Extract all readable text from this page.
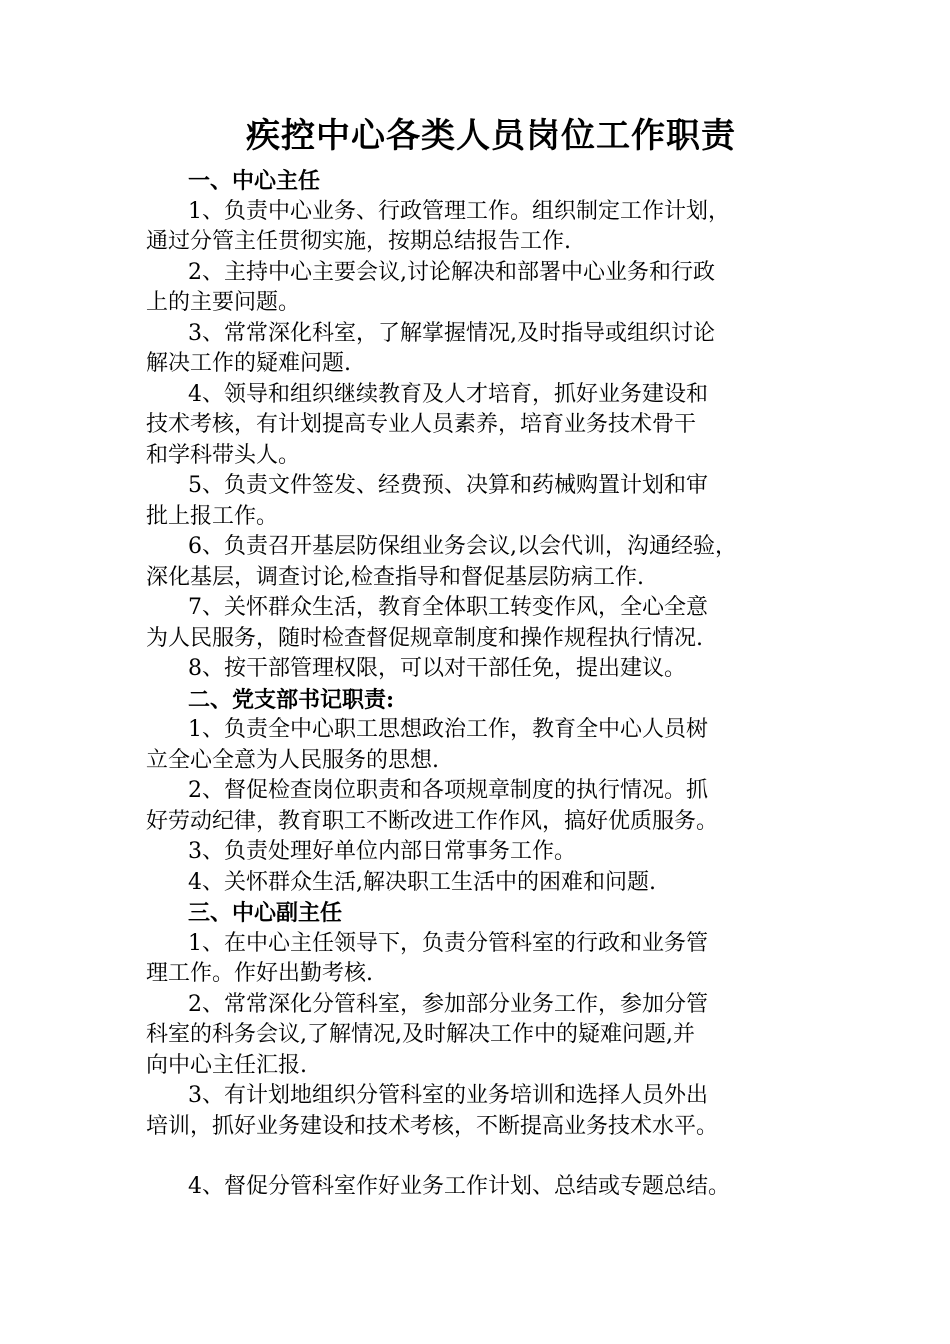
疾控中心各类人员岗位工作职责
一、中心主任

1、负责中心业务、行政管理工作。组织制定工作计划，
通过分管主任贯彻实施，按期总结报告工作.

2、主持中心主要会议,讨论解决和部署中心业务和行政
上的主要问题。

3、常常深化科室，了解掌握情况,及时指导或组织讨论
解决工作的疑难问题.

4、领导和组织继续教育及人才培育，抓好业务建设和
技术考核，有计划提高专业人员素养，培育业务技术骨干
和学科带头人。

5、负责文件签发、经费预、决算和药械购置计划和审
批上报工作。

6、负责召开基层防保组业务会议,以会代训，沟通经验，
深化基层，调查讨论,检查指导和督促基层防病工作.

7、关怀群众生活，教育全体职工转变作风，全心全意
为人民服务，随时检查督促规章制度和操作规程执行情况.

8、按干部管理权限，可以对干部任免，提出建议。

二、党支部书记职责:

1、负责全中心职工思想政治工作，教育全中心人员树
立全心全意为人民服务的思想.

2、督促检查岗位职责和各项规章制度的执行情况。抓
好劳动纪律，教育职工不断改进工作作风，搞好优质服务。

3、负责处理好单位内部日常事务工作。

4、关怀群众生活,解决职工生活中的困难和问题.

三、中心副主任

1、在中心主任领导下，负责分管科室的行政和业务管
理工作。作好出勤考核.

2、常常深化分管科室，参加部分业务工作，参加分管
科室的科务会议,了解情况,及时解决工作中的疑难问题,并
向中心主任汇报.

3、有计划地组织分管科室的业务培训和选择人员外出
培训，抓好业务建设和技术考核，不断提高业务技术水平。

4、督促分管科室作好业务工作计划、总结或专题总结。
